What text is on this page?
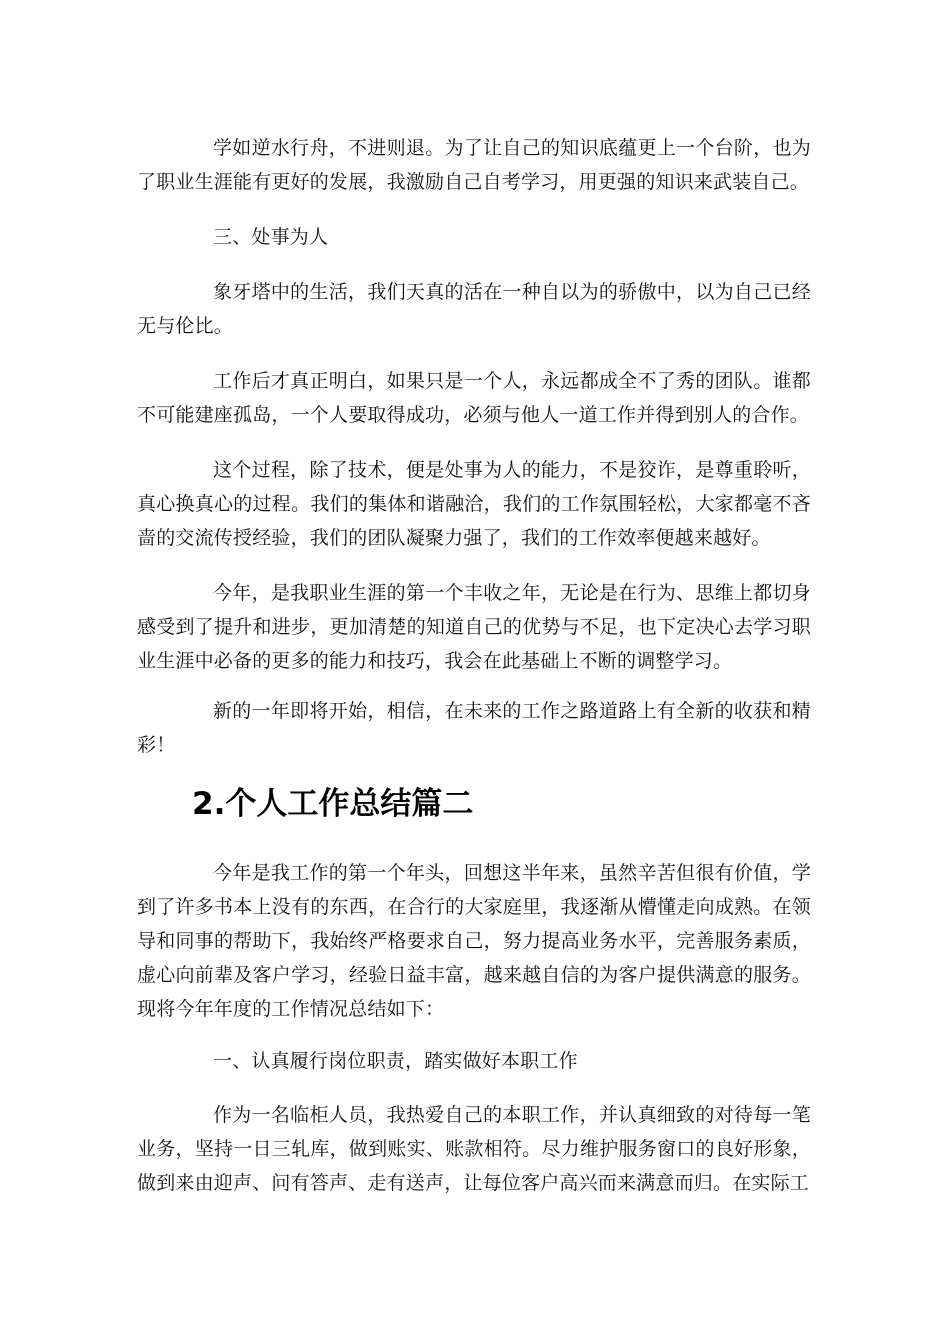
学如逆水行舟，不进则退。为了让自己的知识底蕴更上一个台阶，也为了职业生涯能有更好的发展，我激励自己自考学习，用更强的知识来武装自己。

三、处事为人

象牙塔中的生活，我们天真的活在一种自以为的骄傲中，以为自己已经无与伦比。

工作后才真正明白，如果只是一个人，永远都成全不了秀的团队。谁都不可能建座孤岛，一个人要取得成功，必须与他人一道工作并得到别人的合作。

这个过程，除了技术，便是处事为人的能力，不是狡诈，是尊重聆听，真心换真心的过程。我们的集体和谐融洽，我们的工作氛围轻松，大家都毫不吝啬的交流传授经验，我们的团队凝聚力强了，我们的工作效率便越来越好。

今年，是我职业生涯的第一个丰收之年，无论是在行为、思维上都切身感受到了提升和进步，更加清楚的知道自己的优势与不足，也下定决心去学习职业生涯中必备的更多的能力和技巧，我会在此基础上不断的调整学习。

新的一年即将开始，相信，在未来的工作之路道路上有全新的收获和精彩！

2.个人工作总结篇二

今年是我工作的第一个年头，回想这半年来，虽然辛苦但很有价值，学到了许多书本上没有的东西，在合行的大家庭里，我逐渐从懵懂走向成熟。在领导和同事的帮助下，我始终严格要求自己，努力提高业务水平，完善服务素质，虚心向前辈及客户学习，经验日益丰富，越来越自信的为客户提供满意的服务。现将今年年度的工作情况总结如下：

一、认真履行岗位职责，踏实做好本职工作

作为一名临柜人员，我热爱自己的本职工作，并认真细致的对待每一笔业务，坚持一日三轧库，做到账实、账款相符。尽力维护服务窗口的良好形象，做到来由迎声、问有答声、走有送声，让每位客户高兴而来满意而归。在实际工
